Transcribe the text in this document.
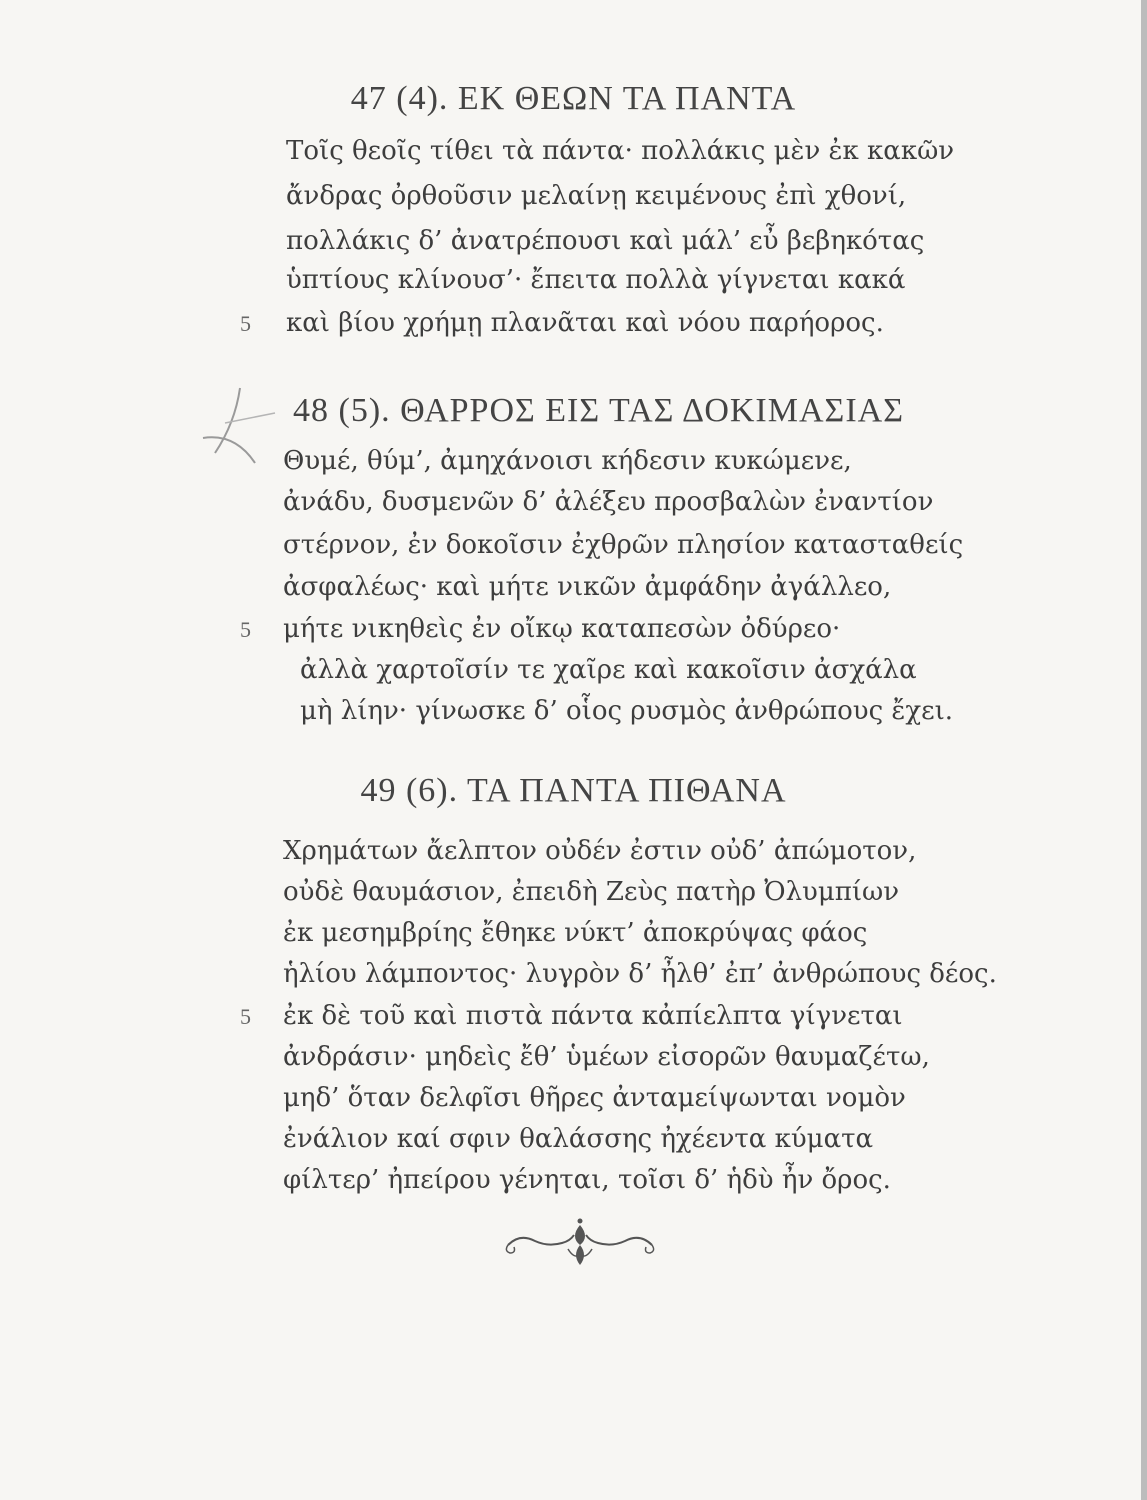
47 (4). ΕΚ ΘΕΩΝ ΤΑ ΠΑΝΤΑ
Τοῖς θεοῖς τίθει τὰ πάντα· πολλάκις μὲν ἐκ κακῶν
ἄνδρας ὀρθοῦσιν μελαίνῃ κειμένους ἐπὶ χθονί,
πολλάκις δ’ ἀνατρέπουσι καὶ μάλ’ εὖ βεβηκότας
ὑπτίους κλίνουσ’· ἔπειτα πολλὰ γίγνεται κακά
καὶ βίου χρήμῃ πλανᾶται καὶ νόου παρήορος.
5
48 (5). ΘΑΡΡΟΣ ΕΙΣ ΤΑΣ ΔΟΚΙΜΑΣΙΑΣ
Θυμέ, θύμ’, ἀμηχάνοισι κήδεσιν κυκώμενε,
ἀνάδυ, δυσμενῶν δ’ ἀλέξευ προσβαλὼν ἐναντίον
στέρνον, ἐν δοκοῖσιν ἐχθρῶν πλησίον κατασταθείς
ἀσφαλέως· καὶ μήτε νικῶν ἀμφάδην ἀγάλλεο,
μήτε νικηθεὶς ἐν οἴκῳ καταπεσὼν ὀδύρεο·
5
ἀλλὰ χαρτοῖσίν τε χαῖρε καὶ κακοῖσιν ἀσχάλα
μὴ λίην· γίνωσκε δ’ οἷος ρυσμὸς ἀνθρώπους ἔχει.
49 (6). ΤΑ ΠΑΝΤΑ ΠΙΘΑΝΑ
Χρημάτων ἄελπτον οὐδέν ἐστιν οὐδ’ ἀπώμοτον,
οὐδὲ θαυμάσιον, ἐπειδὴ Ζεὺς πατὴρ Ὀλυμπίων
ἐκ μεσημβρίης ἔθηκε νύκτ’ ἀποκρύψας φάος
ἡλίου λάμποντος· λυγρὸν δ’ ἦλθ’ ἐπ’ ἀνθρώπους δέος.
ἐκ δὲ τοῦ καὶ πιστὰ πάντα κἀπίελπτα γίγνεται
5
ἀνδράσιν· μηδεὶς ἔθ’ ὑμέων εἰσορῶν θαυμαζέτω,
μηδ’ ὅταν δελφῖσι θῆρες ἀνταμείψωνται νομὸν
ἐνάλιον καί σφιν θαλάσσης ἠχέεντα κύματα
φίλτερ’ ἠπείρου γένηται, τοῖσι δ’ ἡδὺ ἦν ὄρος.
